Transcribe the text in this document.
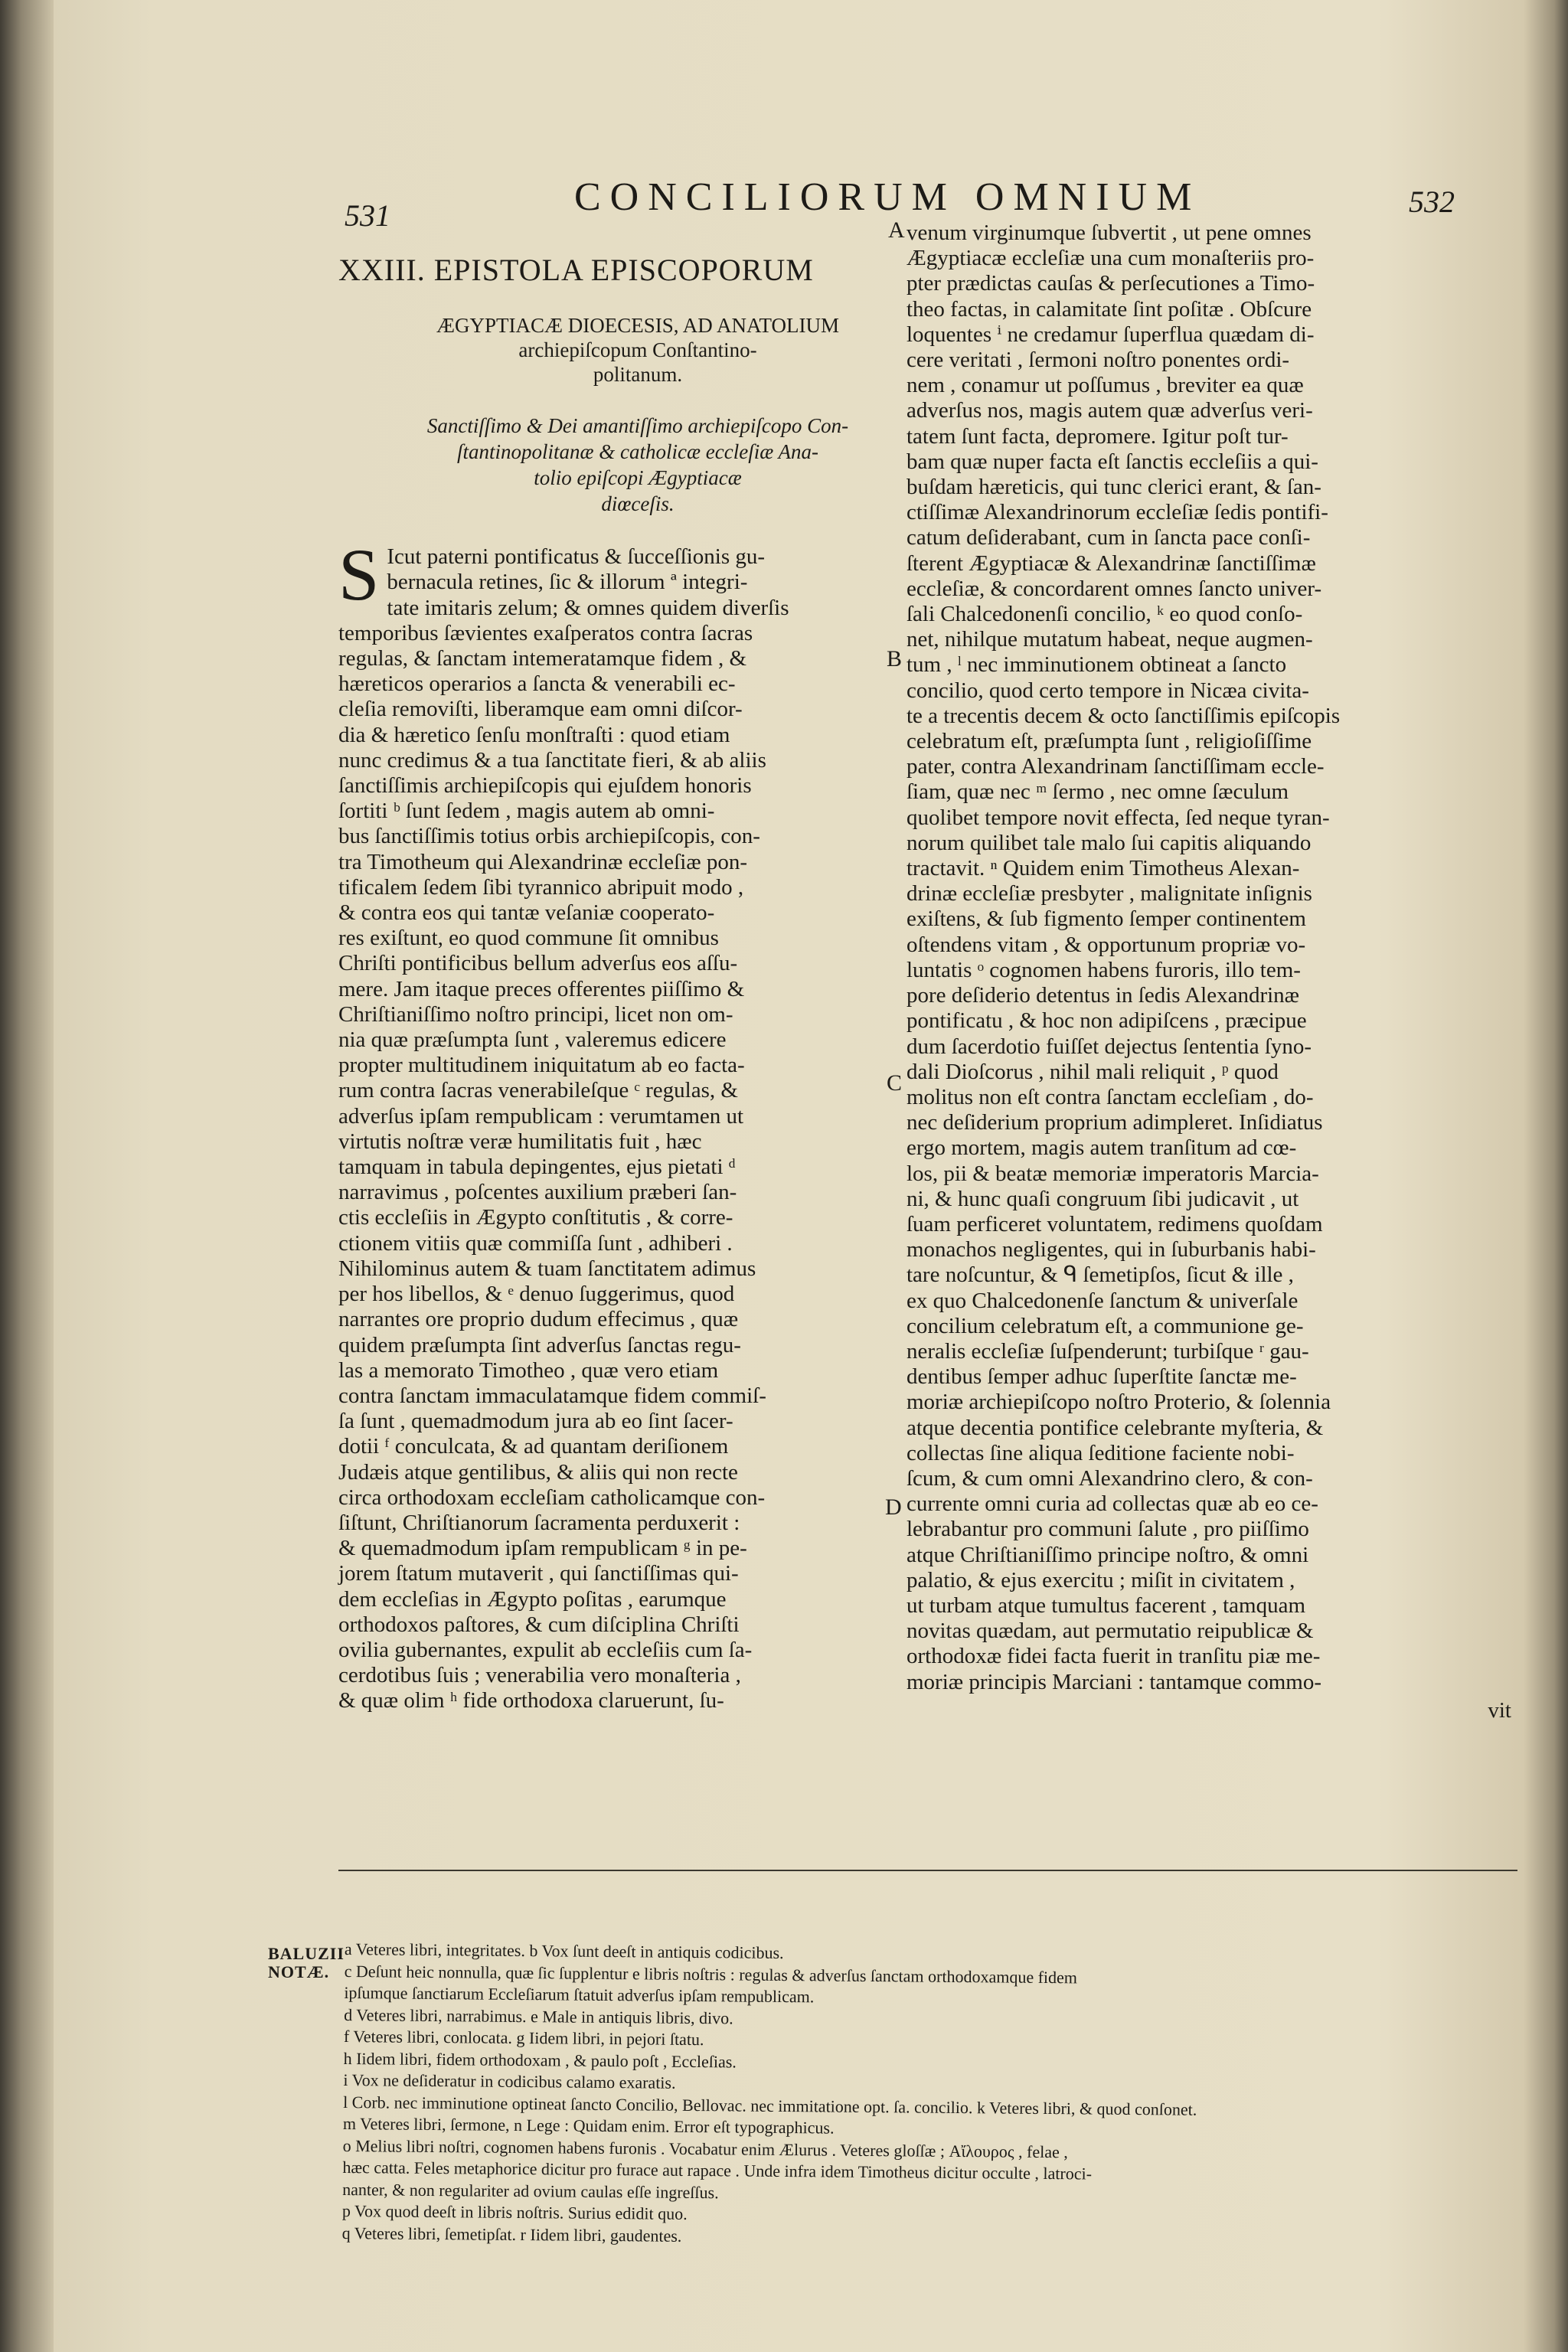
531	CONCILIORUM OMNIUM	532
XXIII. EPISTOLA EPISCOPORUM
ÆGYPTIACÆ DIOECESIS, AD ANATOLIUM
archiepiſcopum Conſtantino-
politanum.
Sanctiſſimo & Dei amantiſſimo archiepiſcopo Con-
ſtantinopolitanæ & catholicæ eccleſiæ Ana-
tolio epiſcopi Ægyptiacæ
diœceſis.
S Icut paterni pontificatus & ſucceſſionis gu-
bernacula retines, ſic & illorum ª integri-
tate imitaris zelum; & omnes quidem diverſis
temporibus ſævientes exaſperatos contra ſacras
regulas, & ſanctam intemeratamque fidem , &
hæreticos operarios a ſancta & venerabili ec-
cleſia removiſti, liberamque eam omni diſcor-
dia & hæretico ſenſu monſtraſti : quod etiam
nunc credimus & a tua ſanctitate fieri, & ab aliis
ſanctiſſimis archiepiſcopis qui ejuſdem honoris
ſortiti ᵇ ſunt ſedem , magis autem ab omni-
bus ſanctiſſimis totius orbis archiepiſcopis, con-
tra Timotheum qui Alexandrinæ eccleſiæ pon-
tificalem ſedem ſibi tyrannico abripuit modo ,
& contra eos qui tantæ veſaniæ cooperato-
res exiſtunt, eo quod commune ſit omnibus
Chriſti pontificibus bellum adverſus eos aſſu-
mere. Jam itaque preces offerentes piiſſimo &
Chriſtianiſſimo noſtro principi, licet non om-
nia quæ præſumpta ſunt , valeremus edicere
propter multitudinem iniquitatum ab eo facta-
rum contra ſacras venerabileſque ᶜ regulas, &
adverſus ipſam rempublicam : verumtamen ut
virtutis noſtræ veræ humilitatis fuit , hæc
tamquam in tabula depingentes, ejus pietati ᵈ
narravimus , poſcentes auxilium præberi ſan-
ctis eccleſiis in Ægypto conſtitutis , & corre-
ctionem vitiis quæ commiſſa ſunt , adhiberi .
Nihilominus autem & tuam ſanctitatem adimus
per hos libellos, & ᵉ denuo ſuggerimus, quod
narrantes ore proprio dudum effecimus , quæ
quidem præſumpta ſint adverſus ſanctas regu-
las a memorato Timotheo , quæ vero etiam
contra ſanctam immaculatamque fidem commiſ-
ſa ſunt , quemadmodum jura ab eo ſint ſacer-
dotii ᶠ conculcata, & ad quantam deriſionem
Judæis atque gentilibus, & aliis qui non recte
circa orthodoxam eccleſiam catholicamque con-
ſiſtunt, Chriſtianorum ſacramenta perduxerit :
& quemadmodum ipſam rempublicam ᵍ in pe-
jorem ſtatum mutaverit , qui ſanctiſſimas qui-
dem eccleſias in Ægypto poſitas , earumque
orthodoxos paſtores, & cum diſciplina Chriſti
ovilia gubernantes, expulit ab eccleſiis cum ſa-
cerdotibus ſuis ; venerabilia vero monaſteria ,
& quæ olim ʰ fide orthodoxa claruerunt, ſu-
venum virginumque ſubvertit , ut pene omnes
Ægyptiacæ eccleſiæ una cum monaſteriis pro-
pter prædictas cauſas & perſecutiones a Timo-
theo factas, in calamitate ſint poſitæ . Obſcure
loquentes ⁱ ne credamur ſuperflua quædam di-
cere veritati , ſermoni noſtro ponentes ordi-
nem , conamur ut poſſumus , breviter ea quæ
adverſus nos, magis autem quæ adverſus veri-
tatem ſunt facta, depromere. Igitur poſt tur-
bam quæ nuper facta eſt ſanctis eccleſiis a qui-
buſdam hæreticis, qui tunc clerici erant, & ſan-
ctiſſimæ Alexandrinorum eccleſiæ ſedis pontifi-
catum deſiderabant, cum in ſancta pace conſi-
ſterent Ægyptiacæ & Alexandrinæ ſanctiſſimæ
eccleſiæ, & concordarent omnes ſancto univer-
ſali Chalcedonenſi concilio, ᵏ eo quod conſo-
net, nihilque mutatum habeat, neque augmen-
tum , ˡ nec imminutionem obtineat a ſancto
concilio, quod certo tempore in Nicæa civita-
te a trecentis decem & octo ſanctiſſimis epiſcopis
celebratum eſt, præſumpta ſunt , religioſiſſime
pater, contra Alexandrinam ſanctiſſimam eccle-
ſiam, quæ nec ᵐ ſermo , nec omne ſæculum
quolibet tempore novit effecta, ſed neque tyran-
norum quilibet tale malo ſui capitis aliquando
tractavit. ⁿ Quidem enim Timotheus Alexan-
drinæ eccleſiæ presbyter , malignitate inſignis
exiſtens, & ſub figmento ſemper continentem
oſtendens vitam , & opportunum propriæ vo-
luntatis ᵒ cognomen habens furoris, illo tem-
pore deſiderio detentus in ſedis Alexandrinæ
pontificatu , & hoc non adipiſcens , præcipue
dum ſacerdotio fuiſſet dejectus ſententia ſyno-
dali Dioſcorus , nihil mali reliquit , ᵖ quod
molitus non eſt contra ſanctam eccleſiam , do-
nec deſiderium proprium adimpleret. Inſidiatus
ergo mortem, magis autem tranſitum ad cœ-
los, pii & beatæ memoriæ imperatoris Marcia-
ni, & hunc quaſi congruum ſibi judicavit , ut
ſuam perficeret voluntatem, redimens quoſdam
monachos negligentes, qui in ſuburbanis habi-
tare noſcuntur, & ᑫ ſemetipſos, ſicut & ille ,
ex quo Chalcedonenſe ſanctum & univerſale
concilium celebratum eſt, a communione ge-
neralis eccleſiæ ſuſpenderunt; turbiſque ʳ gau-
dentibus ſemper adhuc ſuperſtite ſanctæ me-
moriæ archiepiſcopo noſtro Proterio, & ſolennia
atque decentia pontifice celebrante myſteria, &
collectas ſine aliqua ſeditione faciente nobi-
ſcum, & cum omni Alexandrino clero, & con-
currente omni curia ad collectas quæ ab eo ce-
lebrabantur pro communi ſalute , pro piiſſimo
atque Chriſtianiſſimo principe noſtro, & omni
palatio, & ejus exercitu ; miſit in civitatem ,
ut turbam atque tumultus facerent , tamquam
novitas quædam, aut permutatio reipublicæ &
orthodoxæ fidei facta fuerit in tranſitu piæ me-
moriæ principis Marciani : tantamque commo-
vit
A
B
C
D
BALUZII
NOTÆ.
a Veteres libri, integritates. b Vox ſunt deeſt in antiquis codicibus.
c Deſunt heic nonnulla, quæ ſic ſupplentur e libris noſtris : regulas & adverſus ſanctam orthodoxamque fidem
ipſumque ſanctiarum Eccleſiarum ſtatuit adverſus ipſam rempublicam.
d Veteres libri, narrabimus. e Male in antiquis libris, divo.
f Veteres libri, conlocata. g Iidem libri, in pejori ſtatu.
h Iidem libri, fidem orthodoxam , & paulo poſt , Eccleſias.
i Vox ne deſideratur in codicibus calamo exaratis.
l Corb. nec imminutione optineat ſancto Concilio, Bellovac. nec immitatione opt. ſa. concilio. k Veteres libri, & quod conſonet.
m Veteres libri, ſermone, n Lege : Quidam enim. Error eſt typographicus.
o Melius libri noſtri, cognomen habens furonis . Vocabatur enim Ælurus . Veteres gloſſæ ; Αἴλουρος , felae ,
hæc catta. Feles metaphorice dicitur pro furace aut rapace . Unde infra idem Timotheus dicitur occulte , latroci-
nanter, & non regulariter ad ovium caulas eſſe ingreſſus.
p Vox quod deeſt in libris noſtris. Surius edidit quo.
q Veteres libri, ſemetipſat. r Iidem libri, gaudentes.
